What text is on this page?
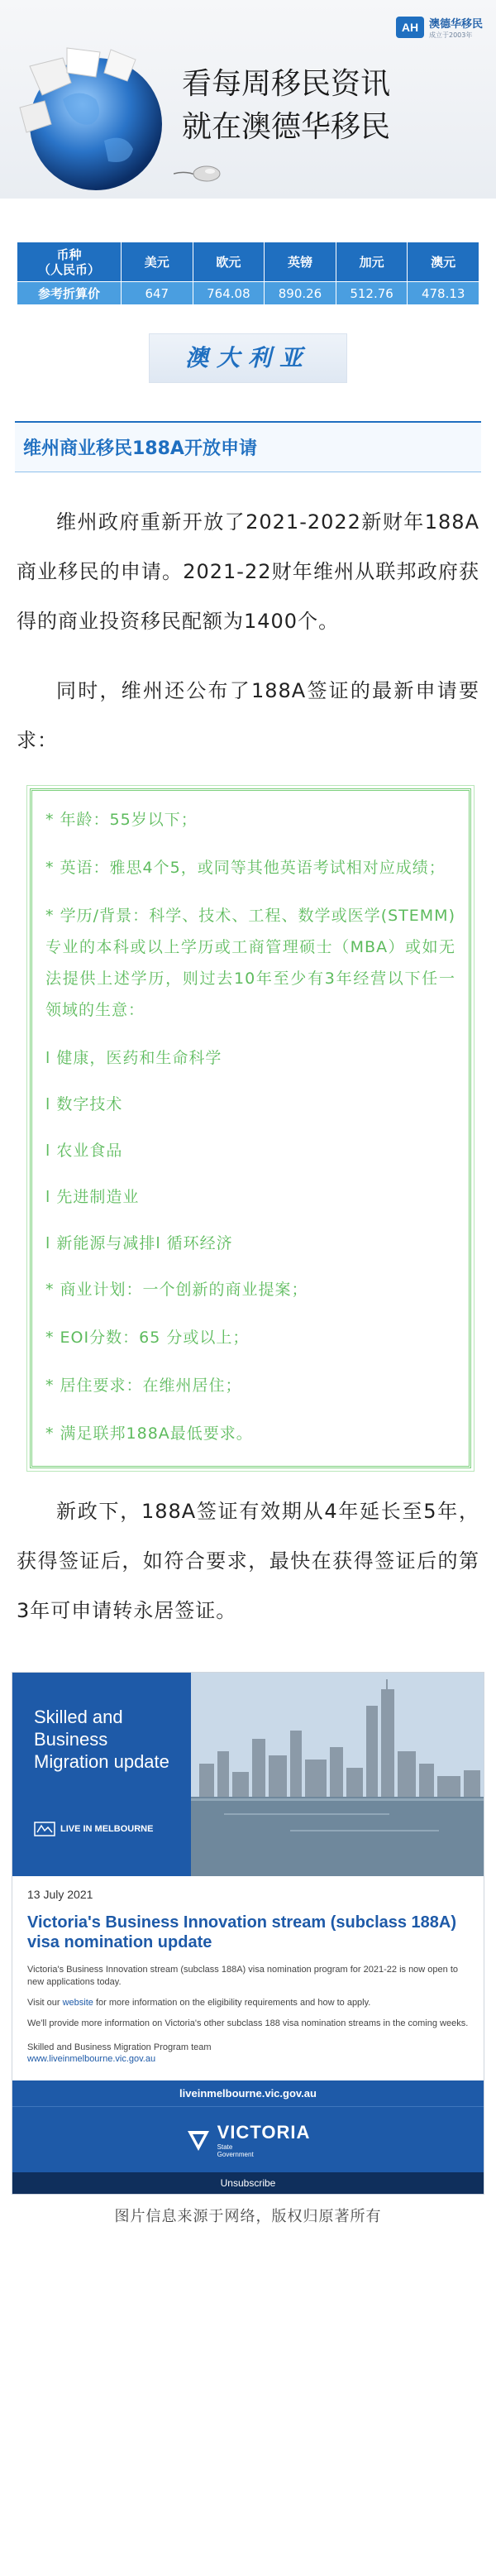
AH 澳德华移民
成立于2003年
看每周移民资讯
就在澳德华移民
币种
（人民币）	美元	欧元	英镑	加元	澳元
参考折算价	647	764.08	890.26	512.76	478.13
澳大利亚
维州商业移民188A开放申请

维州政府重新开放了2021-2022新财年188A商业移民的申请。2021-22财年维州从联邦政府获得的商业投资移民配额为1400个。

同时，维州还公布了188A签证的最新申请要求：

* 年龄：55岁以下；

* 英语：雅思4个5，或同等其他英语考试相对应成绩；

* 学历/背景：科学、技术、工程、数学或医学(STEMM)专业的本科或以上学历或工商管理硕士（MBA）或如无法提供上述学历，则过去10年至少有3年经营以下任一领域的生意：

l 健康，医药和生命科学

l 数字技术

l 农业食品

l 先进制造业

l 新能源与减排l 循环经济

* 商业计划：一个创新的商业提案；

* EOI分数：65 分或以上；

* 居住要求：在维州居住；

* 满足联邦188A最低要求。

新政下，188A签证有效期从4年延长至5年，获得签证后，如符合要求，最快在获得签证后的第3年可申请转永居签证。

Skilled and Business Migration update
LIVE IN MELBOURNE
13 July 2021
Victoria's Business Innovation stream (subclass 188A) visa nomination update

Victoria's Business Innovation stream (subclass 188A) visa nomination program for 2021-22 is now open to new applications today.

Visit our website for more information on the eligibility requirements and how to apply.

We'll provide more information on Victoria's other subclass 188 visa nomination streams in the coming weeks.

Skilled and Business Migration Program team
www.liveinmelbourne.vic.gov.au
liveinmelbourne.vic.gov.au
VICTORIA
State
Government
Unsubscribe

图片信息来源于网络，版权归原著所有
